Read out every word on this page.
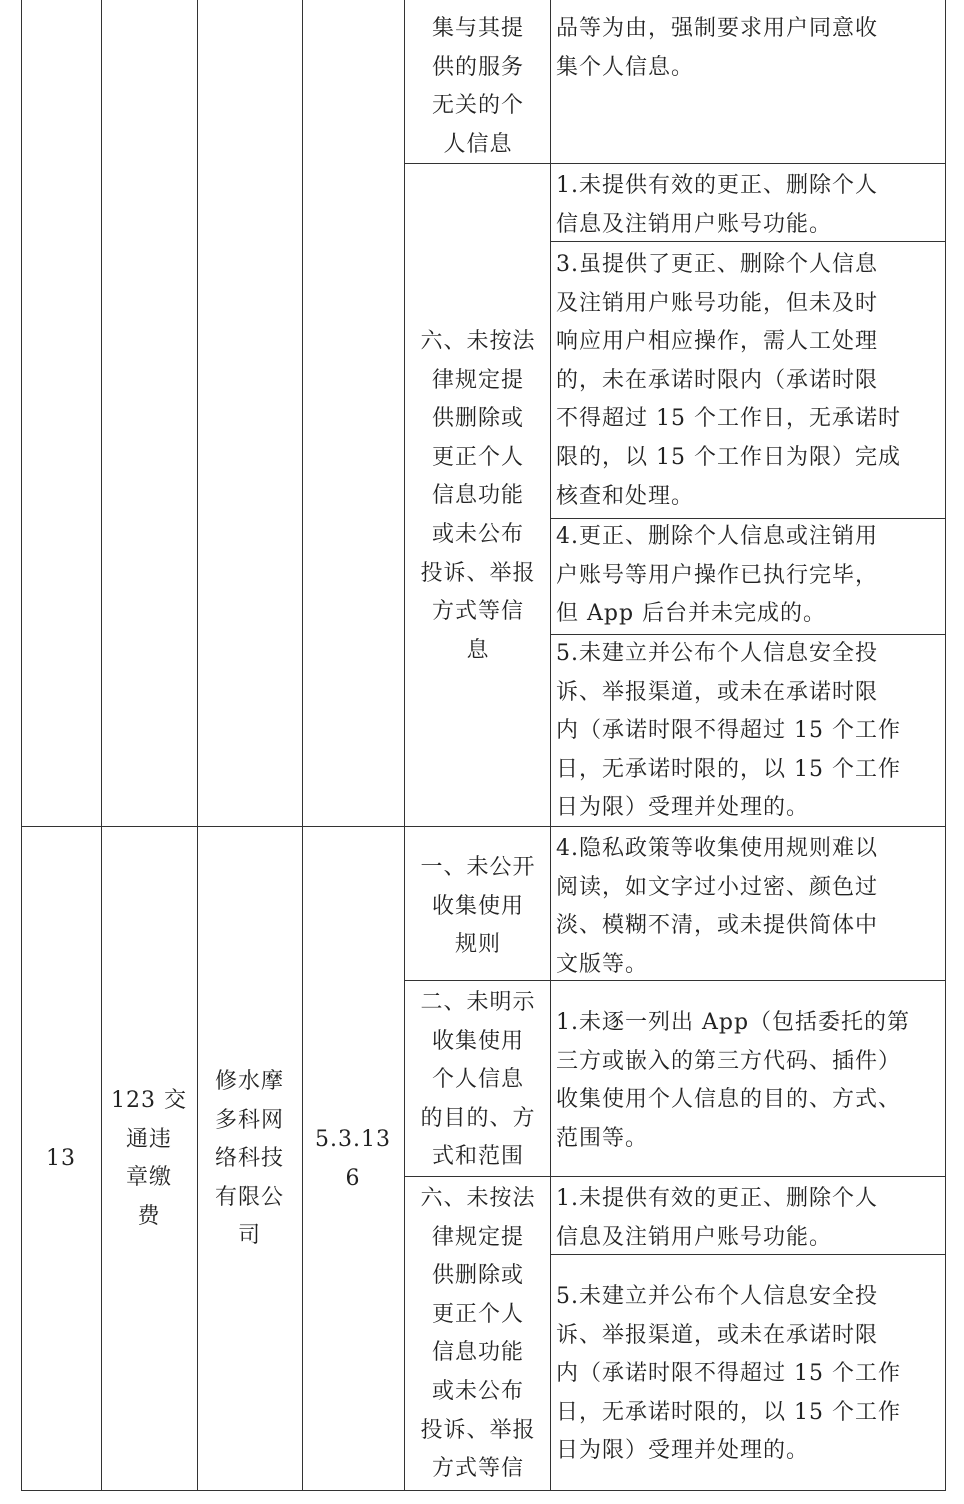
集与其提
供的服务
无关的个
人信息
品等为由，强制要求用户同意收
集个人信息。
六、未按法
律规定提
供删除或
更正个人
信息功能
或未公布
投诉、举报
方式等信
息
1.未提供有效的更正、删除个人
信息及注销用户账号功能。
3.虽提供了更正、删除个人信息
及注销用户账号功能，但未及时
响应用户相应操作，需人工处理
的，未在承诺时限内（承诺时限
不得超过 15 个工作日，无承诺时
限的，以 15 个工作日为限）完成
核查和处理。
4.更正、删除个人信息或注销用
户账号等用户操作已执行完毕，
但 App 后台并未完成的。
5.未建立并公布个人信息安全投
诉、举报渠道，或未在承诺时限
内（承诺时限不得超过 15 个工作
日，无承诺时限的，以 15 个工作
日为限）受理并处理的。
13
123 交
通违
章缴
费
修水摩
多科网
络科技
有限公
司
5.3.13
6
一、未公开
收集使用
规则
4.隐私政策等收集使用规则难以
阅读，如文字过小过密、颜色过
淡、模糊不清，或未提供简体中
文版等。
二、未明示
收集使用
个人信息
的目的、方
式和范围
1.未逐一列出 App（包括委托的第
三方或嵌入的第三方代码、插件）
收集使用个人信息的目的、方式、
范围等。
六、未按法
律规定提
供删除或
更正个人
信息功能
或未公布
投诉、举报
方式等信
1.未提供有效的更正、删除个人
信息及注销用户账号功能。
5.未建立并公布个人信息安全投
诉、举报渠道，或未在承诺时限
内（承诺时限不得超过 15 个工作
日，无承诺时限的，以 15 个工作
日为限）受理并处理的。
